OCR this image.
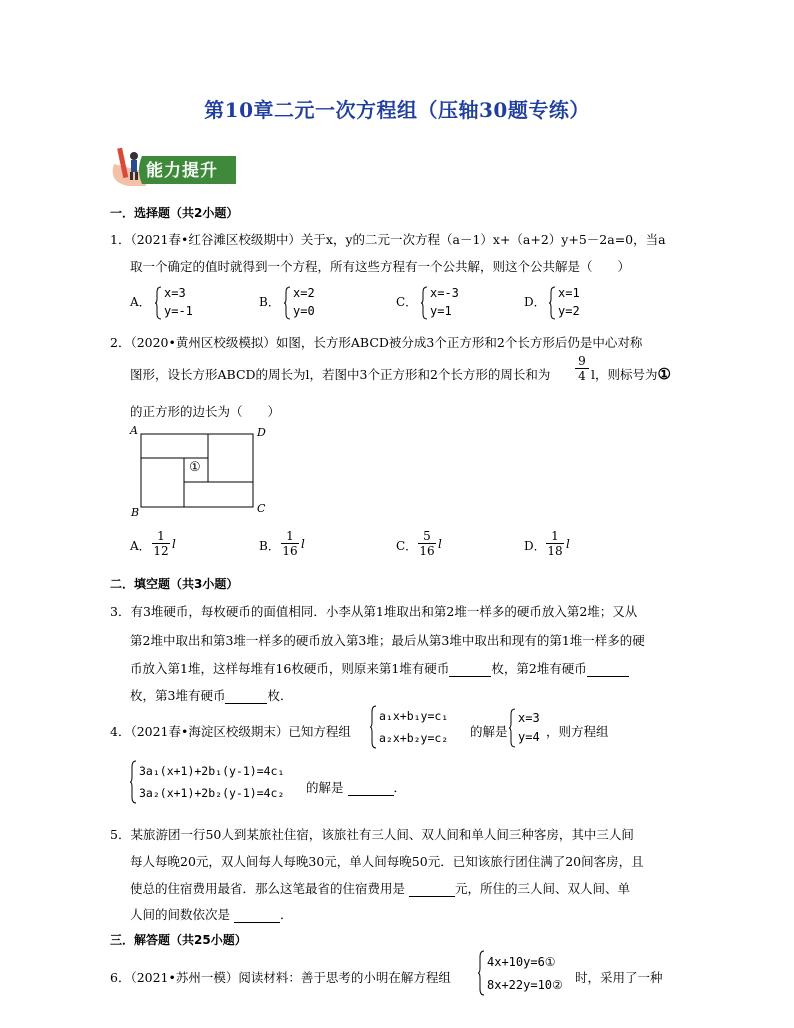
第10章二元一次方程组（压轴30题专练）
能力提升
一．选择题（共2小题）
1．（2021春•红谷滩区校级期中）关于x，y的二元一次方程（a－1）x+（a+2）y+5－2a=0，当a
取一个确定的值时就得到一个方程，所有这些方程有一个公共解，则这个公共解是（　　）
A．
x=3
y=-1
B．
x=2
y=0
C．
x=-3
y=1
D．
x=1
y=2
2．（2020•黄州区校级模拟）如图，长方形ABCD被分成3个正方形和2个长方形后仍是中心对称
图形，设长方形ABCD的周长为l，若图中3个正方形和2个长方形的周长和为 $\frac{9}{4}$ l，则标号为①
的正方形的边长为（　　）
A	D
B	C
①
A． $\frac{1}{12}$ l	B． $\frac{1}{16}$ l	C． $\frac{5}{16}$ l	D． $\frac{1}{18}$ l
二．填空题（共3小题）
3．有3堆硬币，每枚硬币的面值相同．小李从第1堆取出和第2堆一样多的硬币放入第2堆；又从
第2堆中取出和第3堆一样多的硬币放入第3堆；最后从第3堆中取出和现有的第1堆一样多的硬
币放入第1堆，这样每堆有16枚硬币，则原来第1堆有硬币	枚，第2堆有硬币
枚，第3堆有硬币	枚．
4．（2021春•海淀区校级期末）已知方程组
a₁x+b₁y=c₁
a₂x+b₂y=c₂ 的解是
x=3
y=4 ，则方程组
3a₁(x+1)+2b₁(y-1)=4c₁
3a₂(x+1)+2b₂(y-1)=4c₂ 的解是	．
5．某旅游团一行50人到某旅社住宿，该旅社有三人间、双人间和单人间三种客房，其中三人间
每人每晚20元，双人间每人每晚30元，单人间每晚50元．已知该旅行团住满了20间客房，且
使总的住宿费用最省．那么这笔最省的住宿费用是	元，所住的三人间、双人间、单
人间的间数依次是	．
三．解答题（共25小题）
6．（2021•苏州一模）阅读材料：善于思考的小明在解方程组
4x+10y=6①
8x+22y=10② 时，采用了一种
